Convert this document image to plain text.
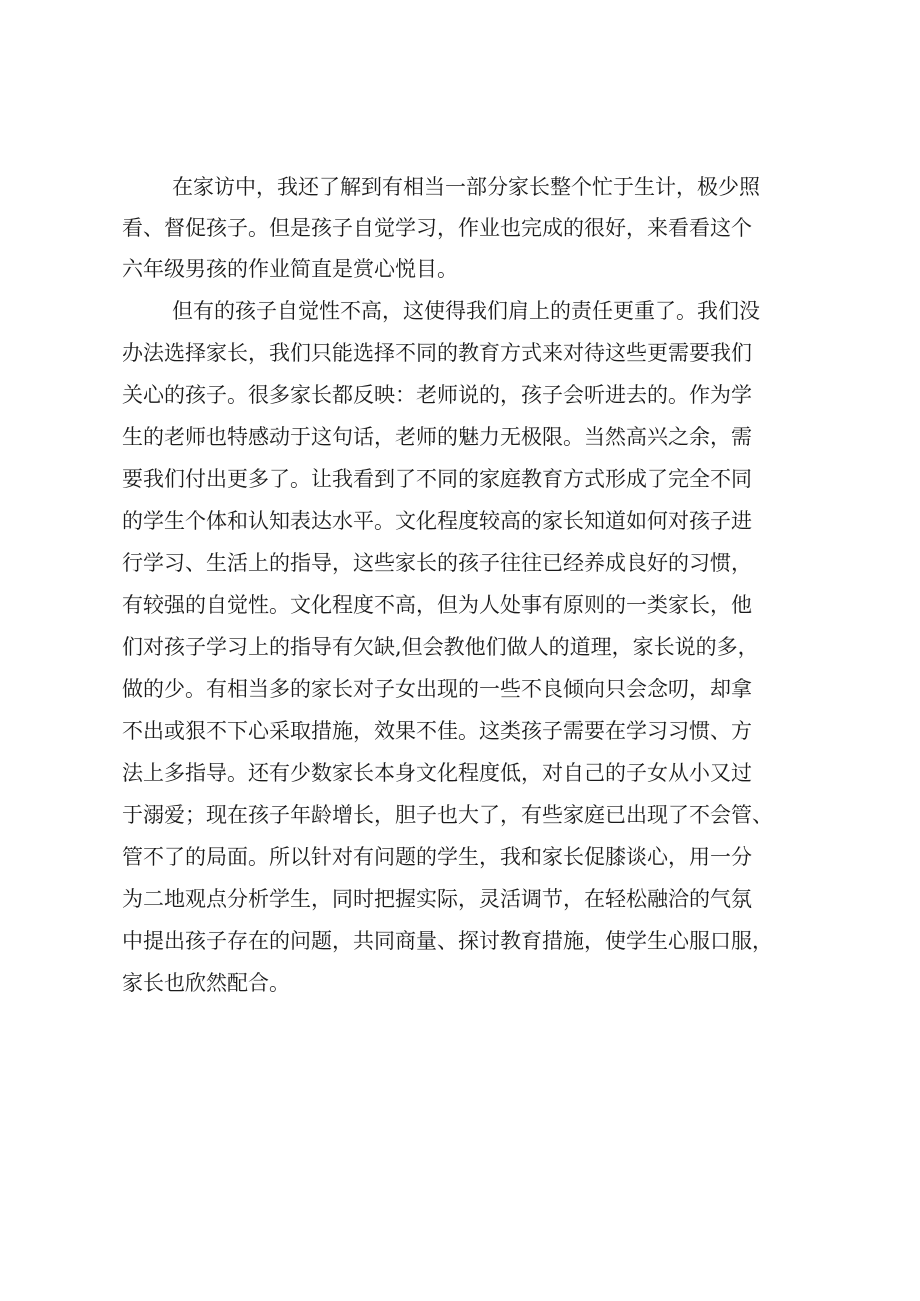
在家访中，我还了解到有相当一部分家长整个忙于生计，极少照

看、督促孩子。但是孩子自觉学习，作业也完成的很好，来看看这个

六年级男孩的作业简直是赏心悦目。

但有的孩子自觉性不高，这使得我们肩上的责任更重了。我们没

办法选择家长，我们只能选择不同的教育方式来对待这些更需要我们

关心的孩子。很多家长都反映：老师说的，孩子会听进去的。作为学

生的老师也特感动于这句话，老师的魅力无极限。当然高兴之余，需

要我们付出更多了。让我看到了不同的家庭教育方式形成了完全不同

的学生个体和认知表达水平。文化程度较高的家长知道如何对孩子进

行学习、生活上的指导，这些家长的孩子往往已经养成良好的习惯，

有较强的自觉性。文化程度不高，但为人处事有原则的一类家长，他

们对孩子学习上的指导有欠缺,但会教他们做人的道理，家长说的多，

做的少。有相当多的家长对子女出现的一些不良倾向只会念叨，却拿

不出或狠不下心采取措施，效果不佳。这类孩子需要在学习习惯、方

法上多指导。还有少数家长本身文化程度低，对自己的子女从小又过

于溺爱；现在孩子年龄增长，胆子也大了，有些家庭已出现了不会管、

管不了的局面。所以针对有问题的学生，我和家长促膝谈心，用一分

为二地观点分析学生，同时把握实际，灵活调节，在轻松融洽的气氛

中提出孩子存在的问题，共同商量、探讨教育措施，使学生心服口服，

家长也欣然配合。
